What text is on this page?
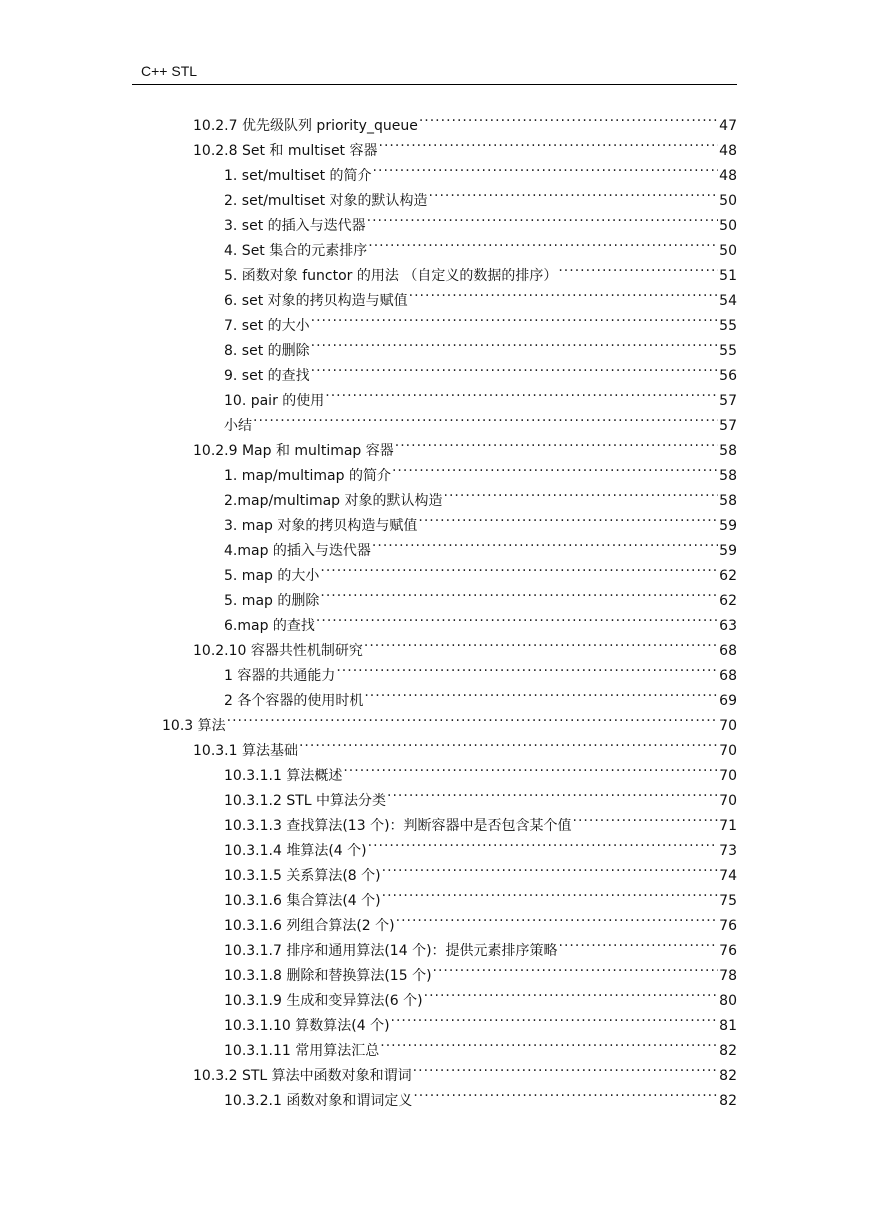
C++ STL
10.2.7 优先级队列 priority_queue .....	47
10.2.8 Set 和 multiset 容器 .....	48
1. set/multiset 的简介 .....	48
2. set/multiset 对象的默认构造 .....	50
3. set 的插入与迭代器 .....	50
4. Set 集合的元素排序 .....	50
5. 函数对象 functor 的用法 （自定义的数据的排序） .....	51
6. set 对象的拷贝构造与赋值 .....	54
7. set 的大小 .....	55
8. set 的删除 .....	55
9. set 的查找 .....	56
10. pair 的使用 .....	57
小结 .....	57
10.2.9 Map 和 multimap 容器 .....	58
1. map/multimap 的简介 .....	58
2.map/multimap 对象的默认构造 .....	58
3. map 对象的拷贝构造与赋值 .....	59
4.map 的插入与迭代器 .....	59
5. map 的大小 .....	62
5. map 的删除 .....	62
6.map 的查找 .....	63
10.2.10 容器共性机制研究 .....	68
1 容器的共通能力 .....	68
2 各个容器的使用时机 .....	69
10.3 算法 .....	70
10.3.1 算法基础 .....	70
10.3.1.1 算法概述 .....	70
10.3.1.2 STL 中算法分类 .....	70
10.3.1.3 查找算法(13 个)：判断容器中是否包含某个值 .....	71
10.3.1.4 堆算法(4 个) .....	73
10.3.1.5 关系算法(8 个) .....	74
10.3.1.6 集合算法(4 个) .....	75
10.3.1.6 列组合算法(2 个) .....	76
10.3.1.7 排序和通用算法(14 个)：提供元素排序策略 .....	76
10.3.1.8 删除和替换算法(15 个) .....	78
10.3.1.9 生成和变异算法(6 个) .....	80
10.3.1.10 算数算法(4 个) .....	81
10.3.1.11 常用算法汇总 .....	82
10.3.2 STL 算法中函数对象和谓词 .....	82
10.3.2.1 函数对象和谓词定义 .....	82
